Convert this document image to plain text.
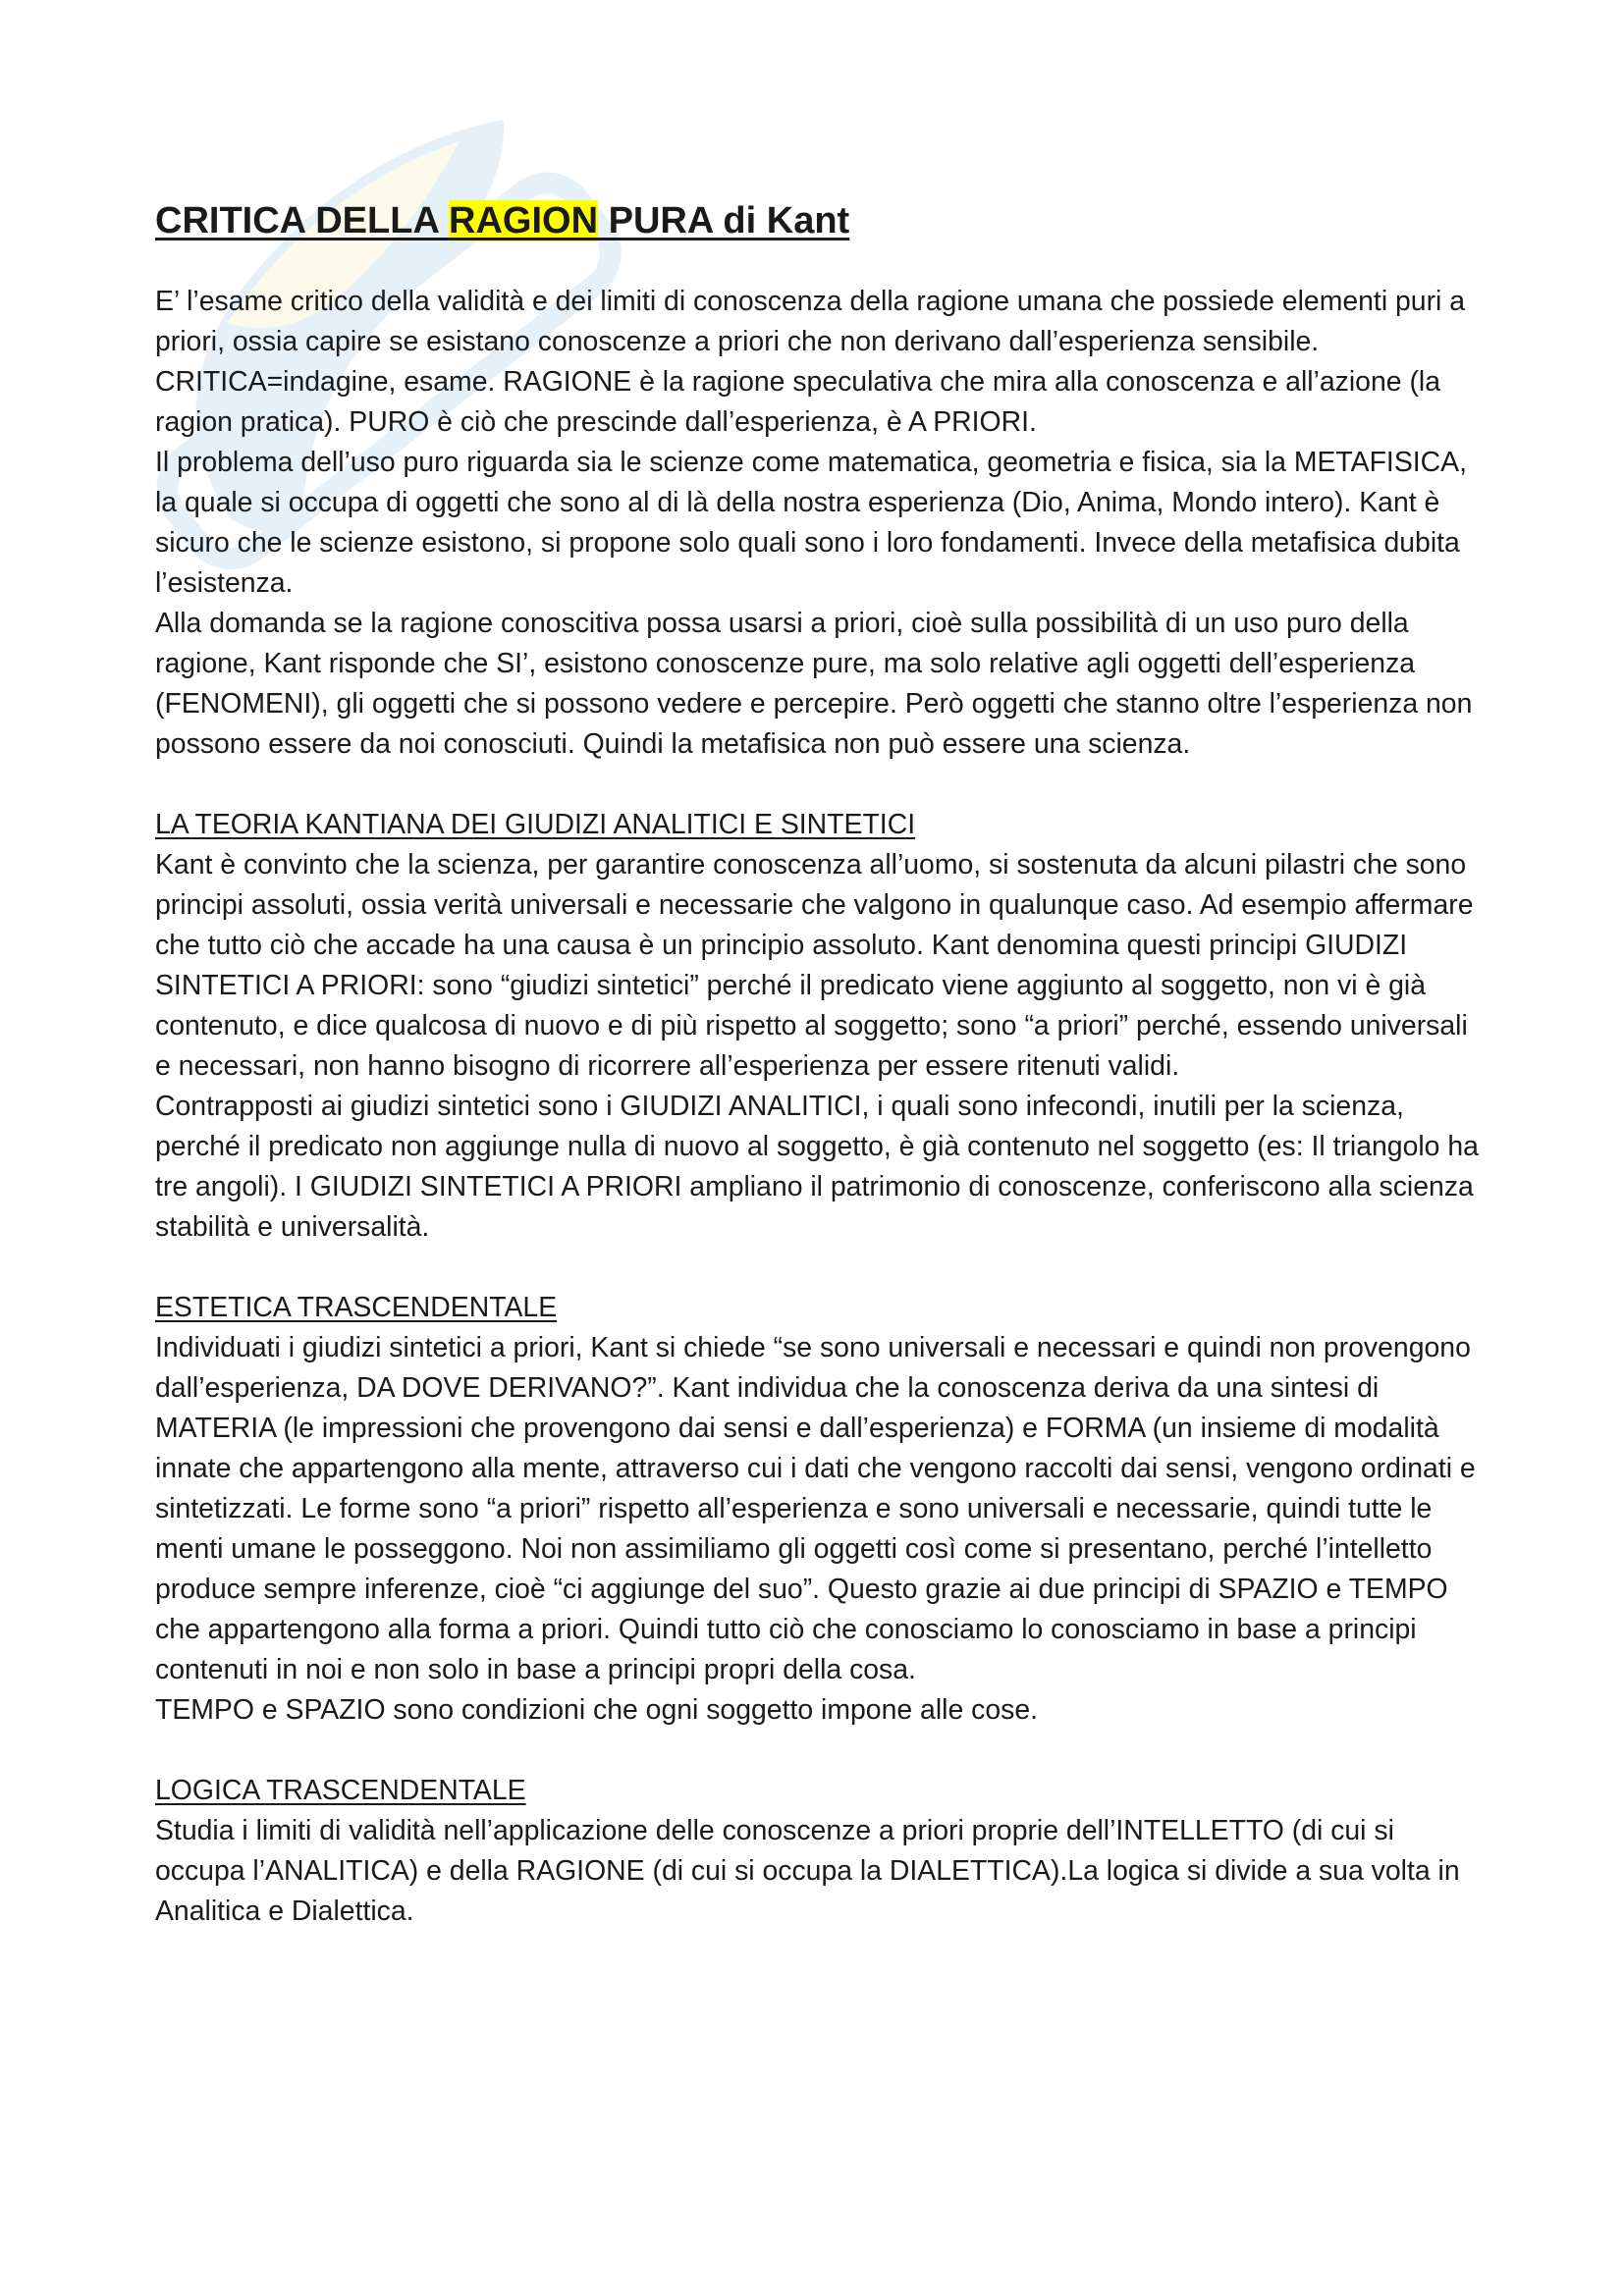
CRITICA DELLA RAGION PURA di Kant

E’ l’esame critico della validità e dei limiti di conoscenza della ragione umana che possiede elementi puri a priori, ossia capire se esistano conoscenze a priori che non derivano dall’esperienza sensibile. CRITICA=indagine, esame. RAGIONE è la ragione speculativa che mira alla conoscenza e all’azione (la ragion pratica). PURO è ciò che prescinde dall’esperienza, è A PRIORI.

Il problema dell’uso puro riguarda sia le scienze come matematica, geometria e fisica, sia la METAFISICA, la quale si occupa di oggetti che sono al di là della nostra esperienza (Dio, Anima, Mondo intero). Kant è sicuro che le scienze esistono, si propone solo quali sono i loro fondamenti. Invece della metafisica dubita l’esistenza.

Alla domanda se la ragione conoscitiva possa usarsi a priori, cioè sulla possibilità di un uso puro della ragione, Kant risponde che SI’, esistono conoscenze pure, ma solo relative agli oggetti dell’esperienza (FENOMENI), gli oggetti che si possono vedere e percepire. Però oggetti che stanno oltre l’esperienza non possono essere da noi conosciuti. Quindi la metafisica non può essere una scienza.

LA TEORIA KANTIANA DEI GIUDIZI ANALITICI E SINTETICI

Kant è convinto che la scienza, per garantire conoscenza all’uomo, si sostenuta da alcuni pilastri che sono principi assoluti, ossia verità universali e necessarie che valgono in qualunque caso. Ad esempio affermare che tutto ciò che accade ha una causa è un principio assoluto. Kant denomina questi principi GIUDIZI SINTETICI A PRIORI: sono “giudizi sintetici” perché il predicato viene aggiunto al soggetto, non vi è già contenuto, e dice qualcosa di nuovo e di più rispetto al soggetto; sono “a priori” perché, essendo universali e necessari, non hanno bisogno di ricorrere all’esperienza per essere ritenuti validi.

Contrapposti ai giudizi sintetici sono i GIUDIZI ANALITICI, i quali sono infecondi, inutili per la scienza, perché il predicato non aggiunge nulla di nuovo al soggetto, è già contenuto nel soggetto (es: Il triangolo ha tre angoli). I GIUDIZI SINTETICI A PRIORI ampliano il patrimonio di conoscenze, conferiscono alla scienza stabilità e universalità.

ESTETICA TRASCENDENTALE

Individuati i giudizi sintetici a priori, Kant si chiede “se sono universali e necessari e quindi non provengono dall’esperienza, DA DOVE DERIVANO?”. Kant individua che la conoscenza deriva da una sintesi di MATERIA (le impressioni che provengono dai sensi e dall’esperienza) e FORMA (un insieme di modalità innate che appartengono alla mente, attraverso cui i dati che vengono raccolti dai sensi, vengono ordinati e sintetizzati. Le forme sono “a priori” rispetto all’esperienza e sono universali e necessarie, quindi tutte le menti umane le posseggono. Noi non assimiliamo gli oggetti così come si presentano, perché l’intelletto produce sempre inferenze, cioè “ci aggiunge del suo”. Questo grazie ai due principi di SPAZIO e TEMPO che appartengono alla forma a priori. Quindi tutto ciò che conosciamo lo conosciamo in base a principi contenuti in noi e non solo in base a principi propri della cosa.

TEMPO e SPAZIO sono condizioni che ogni soggetto impone alle cose.

LOGICA TRASCENDENTALE

Studia i limiti di validità nell’applicazione delle conoscenze a priori proprie dell’INTELLETTO (di cui si occupa l’ANALITICA) e della RAGIONE (di cui si occupa la DIALETTICA).La logica si divide a sua volta in Analitica e Dialettica.
